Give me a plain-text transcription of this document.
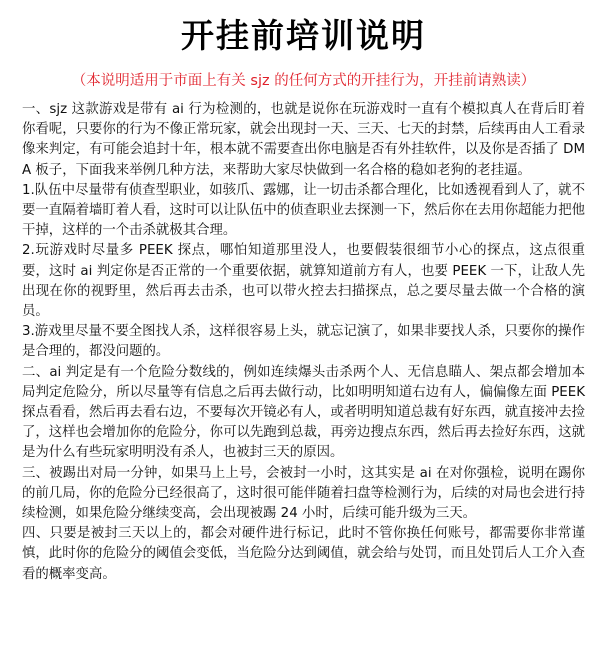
开挂前培训说明
（本说明适用于市面上有关 sjz 的任何方式的开挂行为，开挂前请熟读）

一、sjz 这款游戏是带有 ai 行为检测的，也就是说你在玩游戏时一直有个模拟真人在背后盯着你看呢，只要你的行为不像正常玩家，就会出现封一天、三天、七天的封禁，后续再由人工看录像来判定，有可能会追封十年，根本就不需要查出你电脑是否有外挂软件，以及你是否插了 DMA 板子，下面我来举例几种方法，来帮助大家尽快做到一名合格的稳如老狗的老挂逼。

1.队伍中尽量带有侦查型职业，如骇爪、露娜，让一切击杀都合理化，比如透视看到人了，就不要一直隔着墙盯着人看，这时可以让队伍中的侦查职业去探测一下，然后你在去用你超能力把他干掉，这样的一个击杀就极其合理。

2.玩游戏时尽量多 PEEK 探点，哪怕知道那里没人，也要假装很细节小心的探点，这点很重要，这时 ai 判定你是否正常的一个重要依据，就算知道前方有人，也要 PEEK 一下，让敌人先出现在你的视野里，然后再去击杀，也可以带火控去扫描探点，总之要尽量去做一个合格的演员。

3.游戏里尽量不要全图找人杀，这样很容易上头，就忘记演了，如果非要找人杀，只要你的操作是合理的，都没问题的。

二、ai 判定是有一个危险分数线的，例如连续爆头击杀两个人、无信息瞄人、架点都会增加本局判定危险分，所以尽量等有信息之后再去做行动，比如明明知道右边有人，偏偏像左面 PEEK 探点看看，然后再去看右边，不要每次开镜必有人，或者明明知道总裁有好东西，就直接冲去捡了，这样也会增加你的危险分，你可以先跑到总裁，再旁边搜点东西，然后再去捡好东西，这就是为什么有些玩家明明没有杀人，也被封三天的原因。

三、被踢出对局一分钟，如果马上上号，会被封一小时，这其实是 ai 在对你强检，说明在踢你的前几局，你的危险分已经很高了，这时很可能伴随着扫盘等检测行为，后续的对局也会进行持续检测，如果危险分继续变高，会出现被踢 24 小时，后续可能升级为三天。

四、只要是被封三天以上的，都会对硬件进行标记，此时不管你换任何账号，都需要你非常谨慎，此时你的危险分的阈值会变低，当危险分达到阈值，就会给与处罚，而且处罚后人工介入查看的概率变高。
